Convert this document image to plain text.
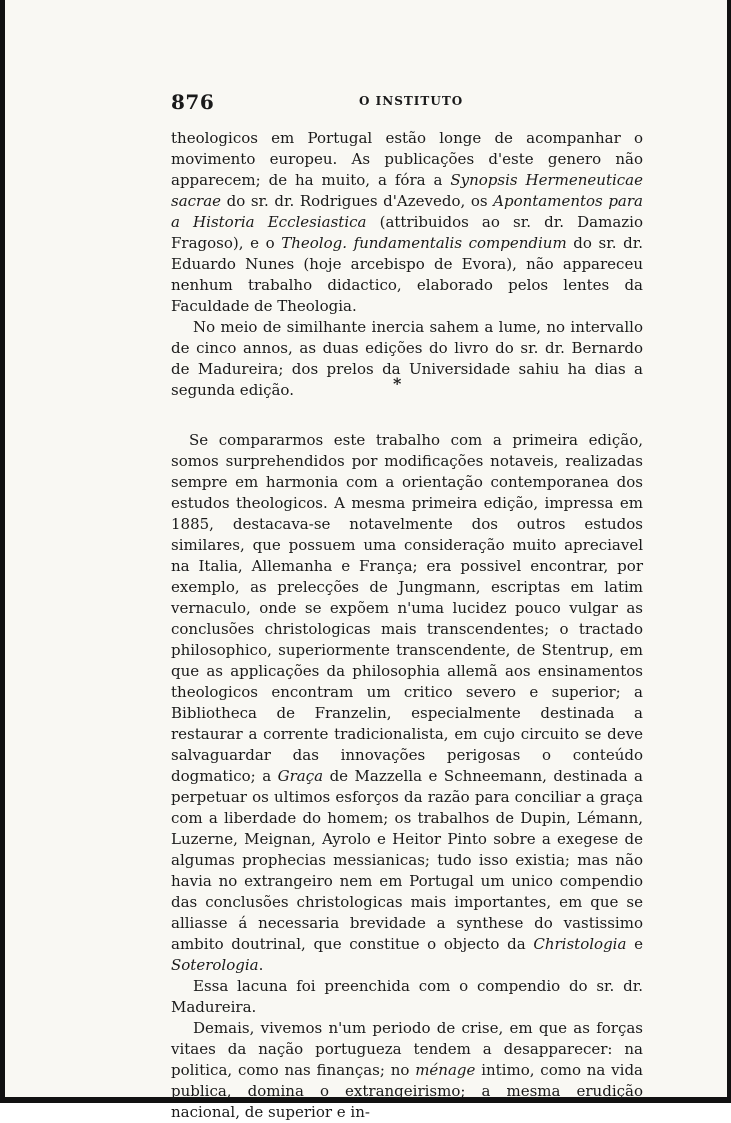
876	O INSTITUTO

theologicos em Portugal estão longe de acompanhar o movimento europeu. As publicações d'este genero não apparecem; de ha muito, a fóra a Synopsis Hermeneuticae sacrae do sr. dr. Rodrigues d'Azevedo, os Apontamentos para a Historia Ecclesiastica (attribuidos ao sr. dr. Damazio Fragoso), e o Theolog. fundamentalis compendium do sr. dr. Eduardo Nunes (hoje arcebispo de Evora), não appareceu nenhum trabalho didactico, elaborado pelos lentes da Faculdade de Theologia.

No meio de similhante inercia sahem a lume, no intervallo de cinco annos, as duas edições do livro do sr. dr. Bernardo de Madureira; dos prelos da Universidade sahiu ha dias a segunda edição.	*

Se compararmos este trabalho com a primeira edição, somos surprehendidos por modificações notaveis, realizadas sempre em harmonia com a orientação contemporanea dos estudos theologicos. A mesma primeira edição, impressa em 1885, destacava-se notavelmente dos outros estudos similares, que possuem uma consideração muito apreciavel na Italia, Allemanha e França; era possivel encontrar, por exemplo, as prelecções de Jungmann, escriptas em latim vernaculo, onde se expõem n'uma lucidez pouco vulgar as conclusões christologicas mais transcendentes; o tractado philosophico, superiormente transcendente, de Stentrup, em que as applicações da philosophia allemã aos ensinamentos theologicos encontram um critico severo e superior; a Bibliotheca de Franzelin, especialmente destinada a restaurar a corrente tradicionalista, em cujo circuito se deve salvaguardar das innovações perigosas o conteúdo dogmatico; a Graça de Mazzella e Schneemann, destinada a perpetuar os ultimos esforços da razão para conciliar a graça com a liberdade do homem; os trabalhos de Dupin, Lémann, Luzerne, Meignan, Ayrolo e Heitor Pinto sobre a exegese de algumas prophecias messianicas; tudo isso existia; mas não havia no extrangeiro nem em Portugal um unico compendio das conclusões christologicas mais importantes, em que se alliasse á necessaria brevidade a synthese do vastissimo ambito doutrinal, que constitue o objecto da Christologia e Soterologia.

Essa lacuna foi preenchida com o compendio do sr. dr. Madureira.

Demais, vivemos n'um periodo de crise, em que as forças vitaes da nação portugueza tendem a desapparecer: na politica, como nas finanças; no ménage intimo, como na vida publica, domina o extrangeirismo; a mesma erudição nacional, de superior e in-
